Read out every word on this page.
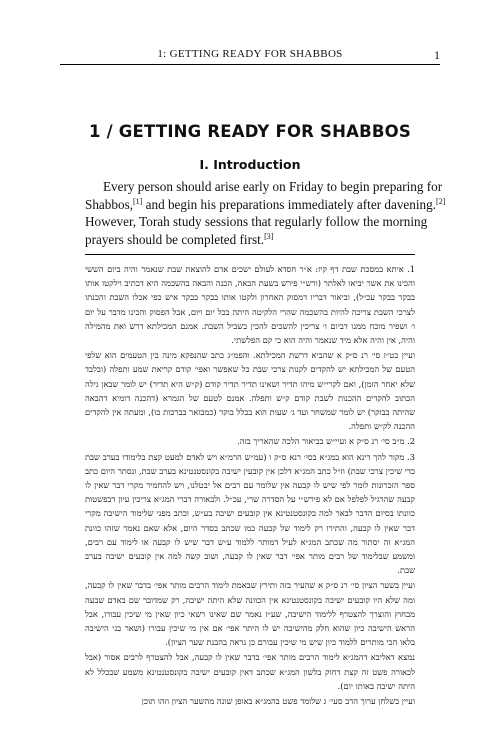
1: GETTING READY FOR SHABBOS	1
1 / GETTING READY FOR SHABBOS
I. Introduction
Every person should arise early on Friday to begin preparing for
Shabbos,[1] and begin his preparations immediately after davening.[2]
However, Torah study sessions that regularly follow the morning
prayers should be completed first.[3]

1. איתא במסכת שבת דף קיז: א״ר חסדא לעולם ישכים אדם להוצאת שבת שנאמר והיה ביום הששי והכינו את אשר יביאו לאלתר (ורש״י פירש בשעת הבאה, הכנה והבאה בהשכמה היא דכתיב וילקטו אותו בבקר בבקר עכ״ל), וביאור דבריו דמסוק האחרון ולקטו אותו בבקר בבקר איש כפי אכלו השבת והכנתו לצרכי השבת צריכה להיות בהשכמה שהרי הלקיטה היתה בכל יום ויום, אבל הפסוק והכינו מדבר על יום ו׳ ושפיר מוכח ממנו דביום ו׳ צריכין להשכים להכין בשביל השבת. אמנם המכילתא דרש ואת מהמילה והיה, אין והיה אלא מיד שנאמר והיה הוא כי קם הפלשתי.

ועיין בט״ז סי׳ רנ ס״ק א שהביא דרשת המכילתא. והפמ״ג כתב שהנפקא מינה בין הטעמים הוא שלפי הטעם של המכילתא יש להקדים לקנות צרכי שבת כל שאפשר ואפי׳ קודם קריאת שמע ותפלה (ובלבד שלא יאחר הזמן), ואם לקרי״ש מיהו תדיר ושאינו תדיר תדיר קודם (ק״ש היא תדיר) יש לומר שבאן גילה הכתוב להקדים ההכנות לשבת קודם ק״ש ותפלה. אמנם לטעם של הגמרא (דהכנה דומיא דהבאה שהיתה בבוקר) יש לומר שמשחר ועד ג׳ שעות הוא בכלל בוקר (כמבואר בברכות כו), ומעתה אין להקדים ההכנה לק״ש ותפלה.

2. מ״ב סי׳ רנ ס״ק א ועיי״ש בביאור הלכה שהאריך בזה.

3. מקור להך דינא הוא במג״א בסי׳ רנא ס״ק ו (עמ״ש הרמ״א ויש לאדם למעט קצת בלימודו בערב שבת כדי שיכין צרכי שבת) וז״ל כתב המג״א דלכן אין קובעין ישיבה בקונסטנטינא בערב שבת, ונסתר היום כתב ספר הזכרונות לומר לפי שיש לו קבעה אין שלומר עם רבים אל יבטלנו, ויש להחמיר מקרי דבר שאין לו קבעה שהרגיל לפלפל אם לא פירש״י על הסדרה שרי, עכ״ל. ולבאורה דברי המג״א צריכין עיון דבפשטות כוונתו בסיום הדבר לבאר למה בקונסטנטינא אין קובעים ישיבה בע״ש, וכתב מפני שלימוד הישיבה מקרי דבר שאין לו קבעה, והתירו רק לימוד של קבעה כמו שכתב בסדר היום, אלא שאם נאמר שזהו כוונת המג״א זה יסתור מה שכתב המג״א לעיל דמותר ללמוד ע״ש דבר שיש לו קבעה או לימוד עם רבים, ומשמע שבלימוד של רבים מותר אפי׳ דבר שאין לו קבעה, ושוב קשה למה אין קובעים ישיבה בערב שבת.

ועיין בשער הציון סי׳ רנ ס״ק א שהעיר בזה ותירץ שבאמת לימוד הרבים מותר אפי׳ בדבר שאין לו קבעה, ומה שלא היו קובעים ישיבה בקונסטנטינא אין הכוונה שלא היתה ישיבה, רק שמדובר שם באדם שבעה מבחוץ והוצרך להצטרף ללימוד הישיבה, שע״ז נאמר שם שאינו רשאי כיון שאין מי שיכין עבורו, אבל הראש הישיבה כיון שהוא חלק מהישיבה יש לו היתר אפי׳ אם אין מי שיכין עבורו (ושאר בני הישיבה בלאו הכי מותרים ללמוד כיון שיש מי שיכין עבורם כן נראה בהבנת שער הציון).

נמצא דאליבא דהמג״א לימוד הרבים מותר אפי׳ בדבר שאין לו קבעה, אבל להצטרף לרבים אסור (אבל לכאורה פשט זה קצת דחוק בלשון המג״א שכתב דאין קובעים ישיבה בקונסטנטינא משמע שבכלל לא היתה ישיבה באותו יום).

ועיין בשלחן ערוך הרב סעי׳ ג שלומד פשט בהמג״א באופן שונה מהשער הציון וזהו תוכן
